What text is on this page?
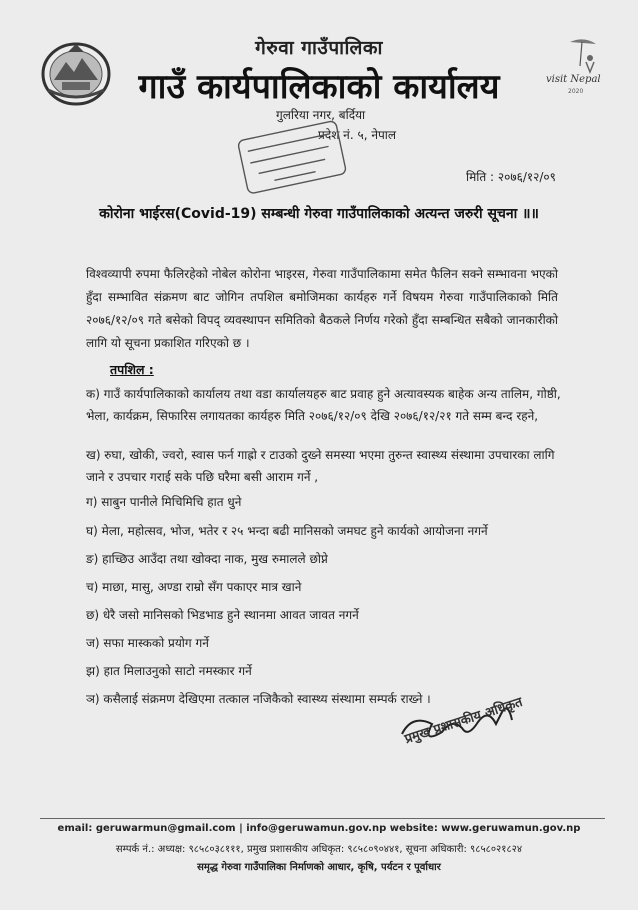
गेरुवा गाउँपालिका
गाउँ कार्यपालिकाको कार्यालय	visit Nepal
2020
गुलरिया नगर, बर्दिया
प्रदेश नं. ५, नेपाल
मिति : २०७६/१२/०९
कोरोना भाईरस(Covid-19) सम्बन्धी गेरुवा गाउँपालिकाको अत्यन्त जरुरी सूचना ॥॥
विश्वव्यापी रुपमा फैलिरहेको नोबेल कोरोना भाइरस, गेरुवा गाउँपालिकामा समेत फैलिन सक्ने सम्भावना भएको हुँदा सम्भावित संक्रमण बाट जोगिन तपशिल बमोजिमका कार्यहरु गर्ने विषयम गेरुवा गाउँपालिकाको मिति २०७६/१२/०९ गते बसेको विपद् व्यवस्थापन समितिको बैठकले निर्णय गरेको हुँदा सम्बन्धित सबैको जानकारीको लागि यो सूचना प्रकाशित गरिएको छ ।
तपशिल :
क) गाउँ कार्यपालिकाको कार्यालय तथा वडा कार्यालयहरु बाट प्रवाह हुने अत्यावस्यक बाहेक अन्य तालिम, गोष्ठी, भेला, कार्यक्रम, सिफारिस लगायतका कार्यहरु मिति २०७६/१२/०९ देखि २०७६/१२/२१ गते सम्म बन्द रहने,
ख) रुघा, खोकी, ज्वरो, स्वास फर्न गाह्रो र टाउको दुख्ने समस्या भएमा तुरुन्त स्वास्थ्य संस्थामा उपचारका लागि जाने र उपचार गराई सके पछि घरैमा बसी आराम गर्ने ,
ग) साबुन पानीले मिचिमिचि हात धुने
घ) मेला, महोत्सव, भोज, भतेर र २५ भन्दा बढी मानिसको जमघट हुने कार्यको आयोजना नगर्ने
ङ) हाच्छिउ आउँदा तथा खोक्दा नाक, मुख रुमालले छोप्ने
च) माछा, मासु, अण्डा राम्रो सँग पकाएर मात्र खाने
छ) धेरै जसो मानिसको भिडभाड हुने स्थानमा आवत जावत नगर्ने
ज) सफा मास्कको प्रयोग गर्ने
झ) हात मिलाउनुको साटो नमस्कार गर्ने
ञ) कसैलाई संक्रमण देखिएमा तत्काल नजिकैको स्वास्थ्य संस्थामा सम्पर्क राख्ने ।
प्रमुख प्रशासकीय अधिकृत
email: geruwarmun@gmail.com | info@geruwamun.gov.np website: www.geruwamun.gov.np
सम्पर्क नं.: अध्यक्ष: ९८५८०३८१११, प्रमुख प्रशासकीय अधिकृत: ९८५८०९०४४१, सूचना अधिकारी: ९८५८०२१८२४
समृद्ध गेरुवा गाउँपालिका निर्माणको आधार, कृषि, पर्यटन र पूर्वाधार
